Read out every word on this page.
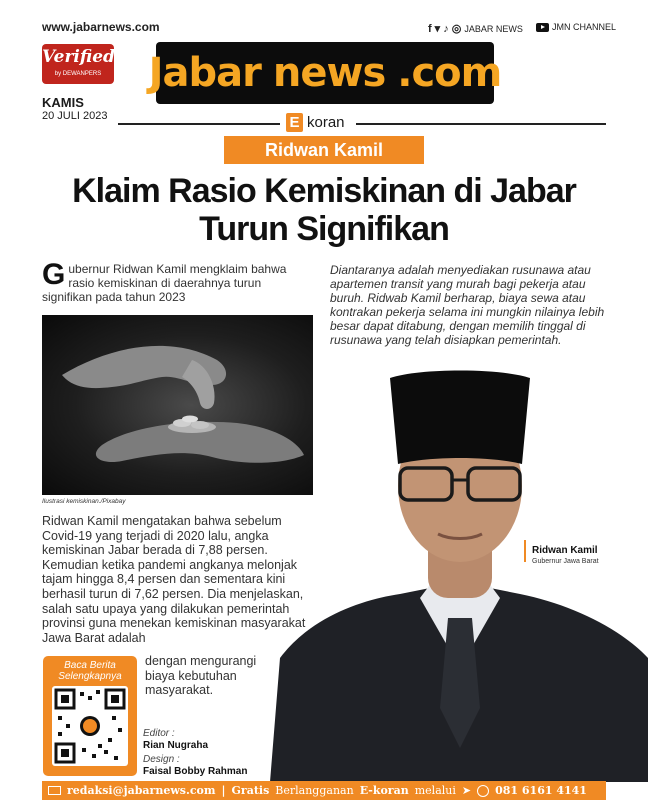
www.jabarnews.com	f ▾ ♪ ◎ JABAR NEWS	JMN CHANNEL
Verified
by DEWANPERS	Jabar news .com
KAMIS
20 JULI 2023	E koran
Ridwan Kamil
Klaim Rasio Kemiskinan di Jabar
Turun Signifikan
G ubernur Ridwan Kamil mengklaim bahwa rasio kemiskinan di daerahnya turun signifikan pada tahun 2023
Ilustrasi kemiskinan./Pixabay
Diantaranya adalah menyediakan rusunawa atau apartemen transit yang murah bagi pekerja atau buruh. Ridwab Kamil berharap, biaya sewa atau kontrakan pekerja selama ini mungkin nilainya lebih besar dapat ditabung, dengan memilih tinggal di rusunawa yang telah disiapkan pemerintah.
Ridwan Kamil mengatakan bahwa sebelum Covid-19 yang terjadi di 2020 lalu, angka kemiskinan Jabar berada di 7,88 persen. Kemudian ketika pandemi angkanya melonjak tajam hingga 8,4 persen dan sementara kini berhasil turun di 7,62 persen. Dia menjelaskan, salah satu upaya yang dilakukan pemerintah provinsi guna menekan kemiskinan masyarakat Jawa Barat adalah
dengan mengurangi biaya kebutuhan masyarakat.
Ridwan Kamil
Gubernur Jawa Barat
Baca Berita
Selengkapnya
Editor :
Rian Nugraha
Design :
Faisal Bobby Rahman
redaksi@jabarnews.com | Gratis Berlangganan E-koran melalui ➤ 081 6161 4141
